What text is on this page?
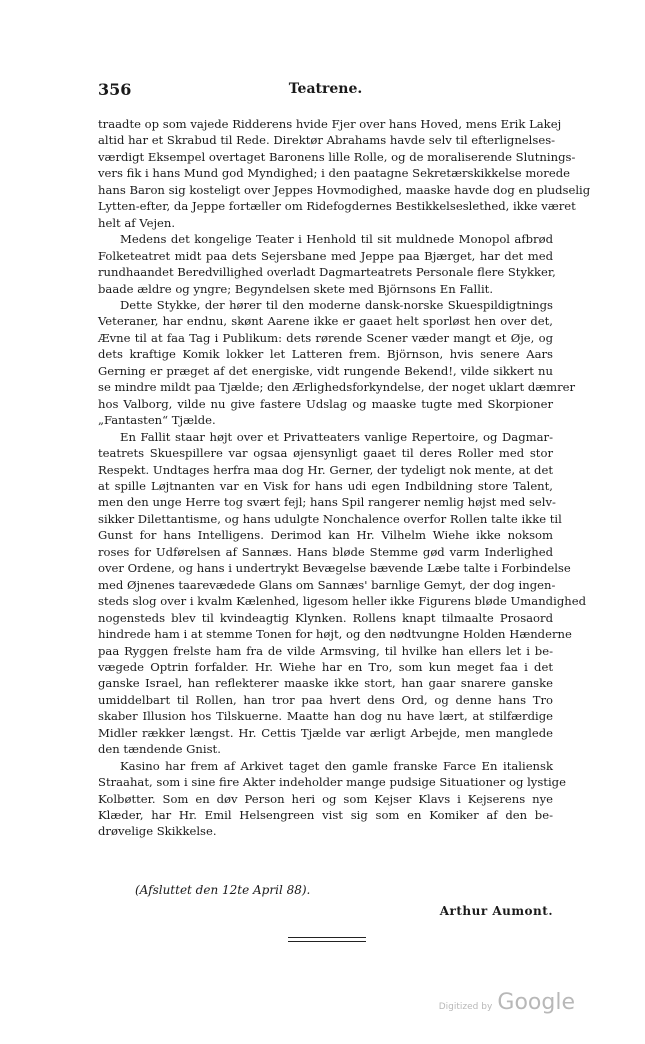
356	Teatrene.

traadte op som vajede Ridderens hvide Fjer over hans Hoved, mens Erik Lakej
altid har et Skrabud til Rede. Direktør Abrahams havde selv til efterlignelses-
værdigt Eksempel overtaget Baronens lille Rolle, og de moraliserende Slutnings-
vers fik i hans Mund god Myndighed; i den paatagne Sekretærskikkelse morede
hans Baron sig kosteligt over Jeppes Hovmodighed, maaske havde dog en pludselig
Lytten-efter, da Jeppe fortæller om Ridefogdernes Bestikkelseslethed, ikke været
helt af Vejen.

Medens det kongelige Teater i Henhold til sit muldnede Monopol afbrød
Folketeatret midt paa dets Sejersbane med Jeppe paa Bjærget, har det med
rundhaandet Beredvillighed overladt Dagmarteatrets Personale flere Stykker,
baade ældre og yngre; Begyndelsen skete med Björnsons En Fallit.

Dette Stykke, der hører til den moderne dansk-norske Skuespildigtnings
Veteraner, har endnu, skønt Aarene ikke er gaaet helt sporløst hen over det,
Ævne til at faa Tag i Publikum: dets rørende Scener væder mangt et Øje, og
dets kraftige Komik lokker let Latteren frem. Björnson, hvis senere Aars
Gerning er præget af det energiske, vidt rungende Bekend!, vilde sikkert nu
se mindre mildt paa Tjælde; den Ærlighedsforkyndelse, der noget uklart dæmrer
hos Valborg, vilde nu give fastere Udslag og maaske tugte med Skorpioner
„Fantasten“ Tjælde.

En Fallit staar højt over et Privatteaters vanlige Repertoire, og Dagmar-
teatrets Skuespillere var ogsaa øjensynligt gaaet til deres Roller med stor
Respekt. Undtages herfra maa dog Hr. Gerner, der tydeligt nok mente, at det
at spille Løjtnanten var en Visk for hans udi egen Indbildning store Talent,
men den unge Herre tog svært fejl; hans Spil rangerer nemlig højst med selv-
sikker Dilettantisme, og hans udulgte Nonchalence overfor Rollen talte ikke til
Gunst for hans Intelligens. Derimod kan Hr. Vilhelm Wiehe ikke noksom
roses for Udførelsen af Sannæs. Hans bløde Stemme gød varm Inderlighed
over Ordene, og hans i undertrykt Bevægelse bævende Læbe talte i Forbindelse
med Øjnenes taarevædede Glans om Sannæs' barnlige Gemyt, der dog ingen-
steds slog over i kvalm Kælenhed, ligesom heller ikke Figurens bløde Umandighed
nogensteds blev til kvindeagtig Klynken. Rollens knapt tilmaalte Prosaord
hindrede ham i at stemme Tonen for højt, og den nødtvungne Holden Hænderne
paa Ryggen frelste ham fra de vilde Armsving, til hvilke han ellers let i be-
vægede Optrin forfalder. Hr. Wiehe har en Tro, som kun meget faa i det
ganske Israel, han reflekterer maaske ikke stort, han gaar snarere ganske
umiddelbart til Rollen, han tror paa hvert dens Ord, og denne hans Tro
skaber Illusion hos Tilskuerne. Maatte han dog nu have lært, at stilfærdige
Midler rækker længst. Hr. Cettis Tjælde var ærligt Arbejde, men manglede
den tændende Gnist.

Kasino har frem af Arkivet taget den gamle franske Farce En italiensk
Straahat, som i sine fire Akter indeholder mange pudsige Situationer og lystige
Kolbøtter. Som en døv Person heri og som Kejser Klavs i Kejserens nye
Klæder, har Hr. Emil Helsengreen vist sig som en Komiker af den be-
drøvelige Skikkelse.

(Afsluttet den 12te April 88).
Arthur Aumont.
Digitized by Google
